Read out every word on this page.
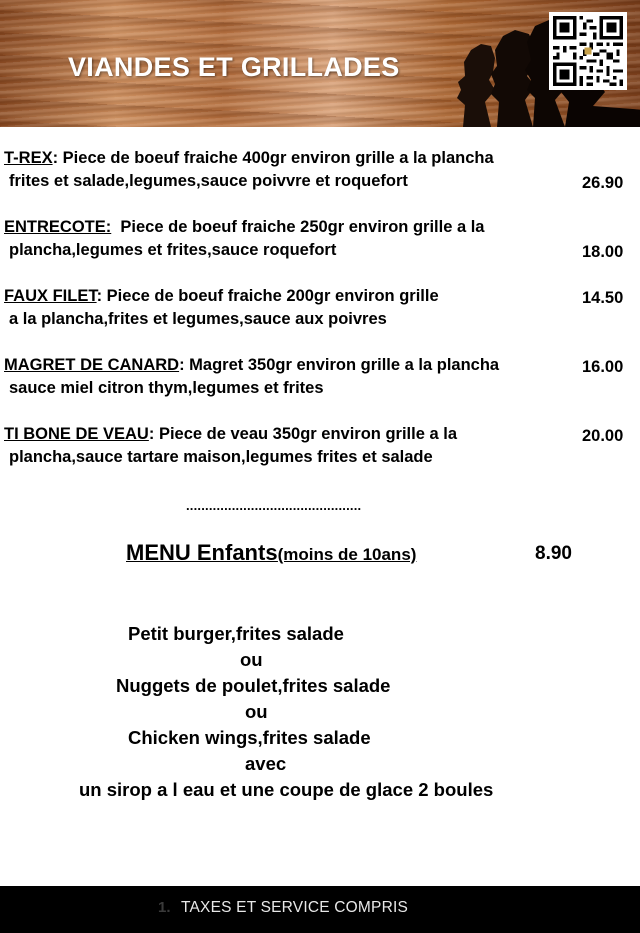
VIANDES ET GRILLADES
T-REX: Piece de boeuf fraiche 400gr environ grille a la plancha
frites et salade,legumes,sauce poivvre et roquefort	26.90
ENTRECOTE:  Piece de boeuf fraiche 250gr environ grille a la
plancha,legumes et frites,sauce roquefort	18.00
FAUX FILET: Piece de boeuf fraiche 200gr environ grille
a la plancha,frites et legumes,sauce aux poivres
14.50
MAGRET DE CANARD: Magret 350gr environ grille a la plancha
sauce miel citron thym,legumes et frites
16.00
TI BONE DE VEAU: Piece de veau 350gr environ grille a la
plancha,sauce tartare maison,legumes frites et salade
20.00
..............................................
MENU Enfants(moins de 10ans)	8.90
Petit burger,frites salade
ou
Nuggets de poulet,frites salade
ou
Chicken wings,frites salade
avec
un sirop a l eau et une coupe de glace 2 boules
1. TAXES ET SERVICE COMPRIS
